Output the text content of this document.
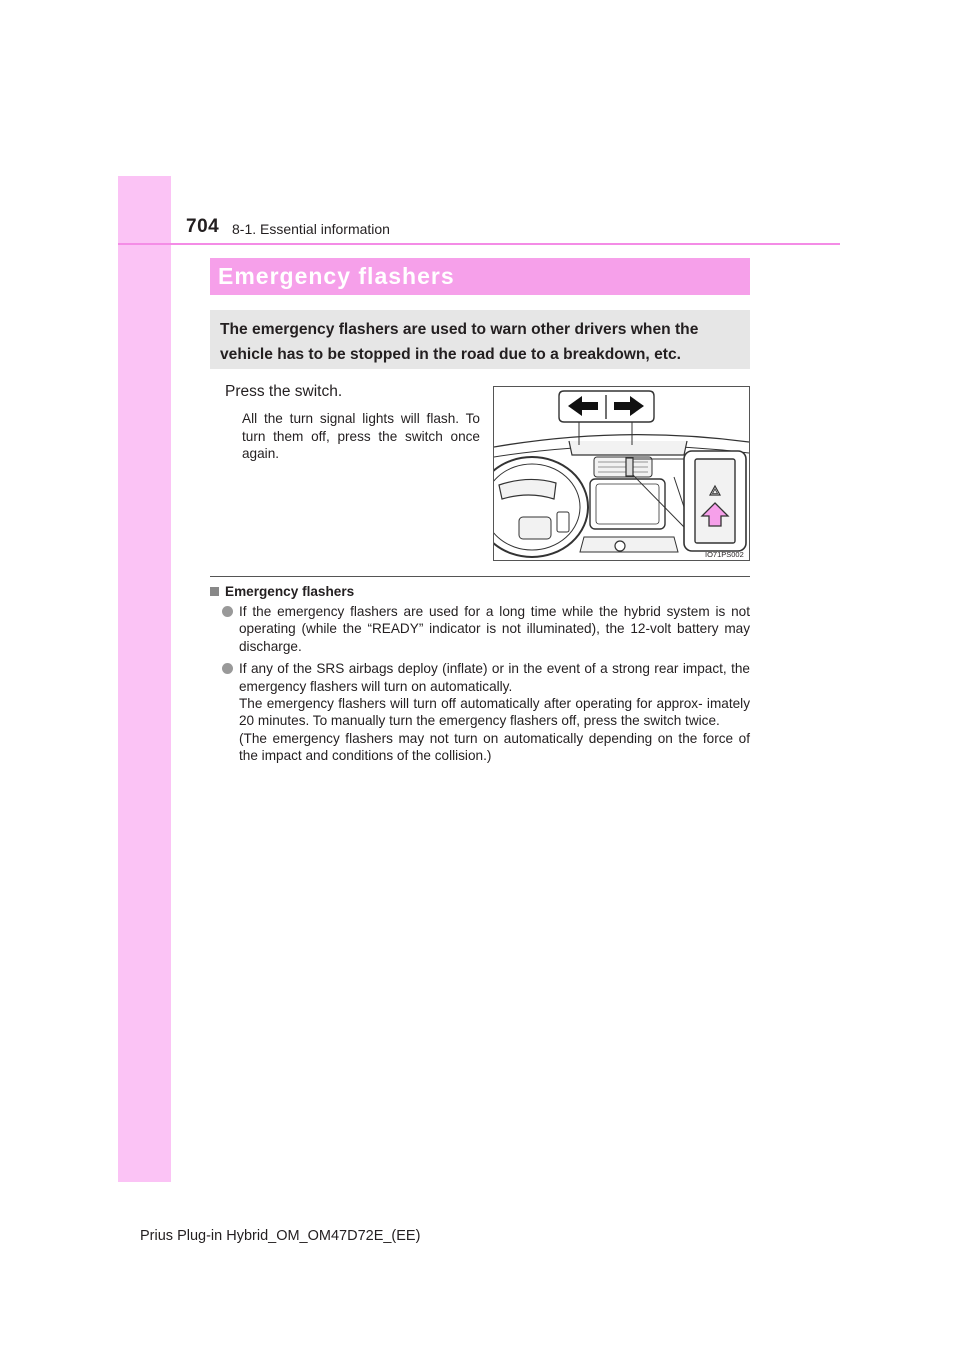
704 8-1. Essential information
Emergency flashers
The emergency flashers are used to warn other drivers when the vehicle has to be stopped in the road due to a breakdown, etc.
Press the switch.
All the turn signal lights will flash. To turn them off, press the switch once again.
IO71PS002
Emergency flashers

If the emergency flashers are used for a long time while the hybrid system is not operating (while the “READY” indicator is not illuminated), the 12-volt battery may discharge.

If any of the SRS airbags deploy (inflate) or in the event of a strong rear impact, the emergency flashers will turn on automatically.

The emergency flashers will turn off automatically after operating for approx- imately 20 minutes. To manually turn the emergency flashers off, press the switch twice.

(The emergency flashers may not turn on automatically depending on the force of the impact and conditions of the collision.)

Prius Plug-in Hybrid_OM_OM47D72E_(EE)
